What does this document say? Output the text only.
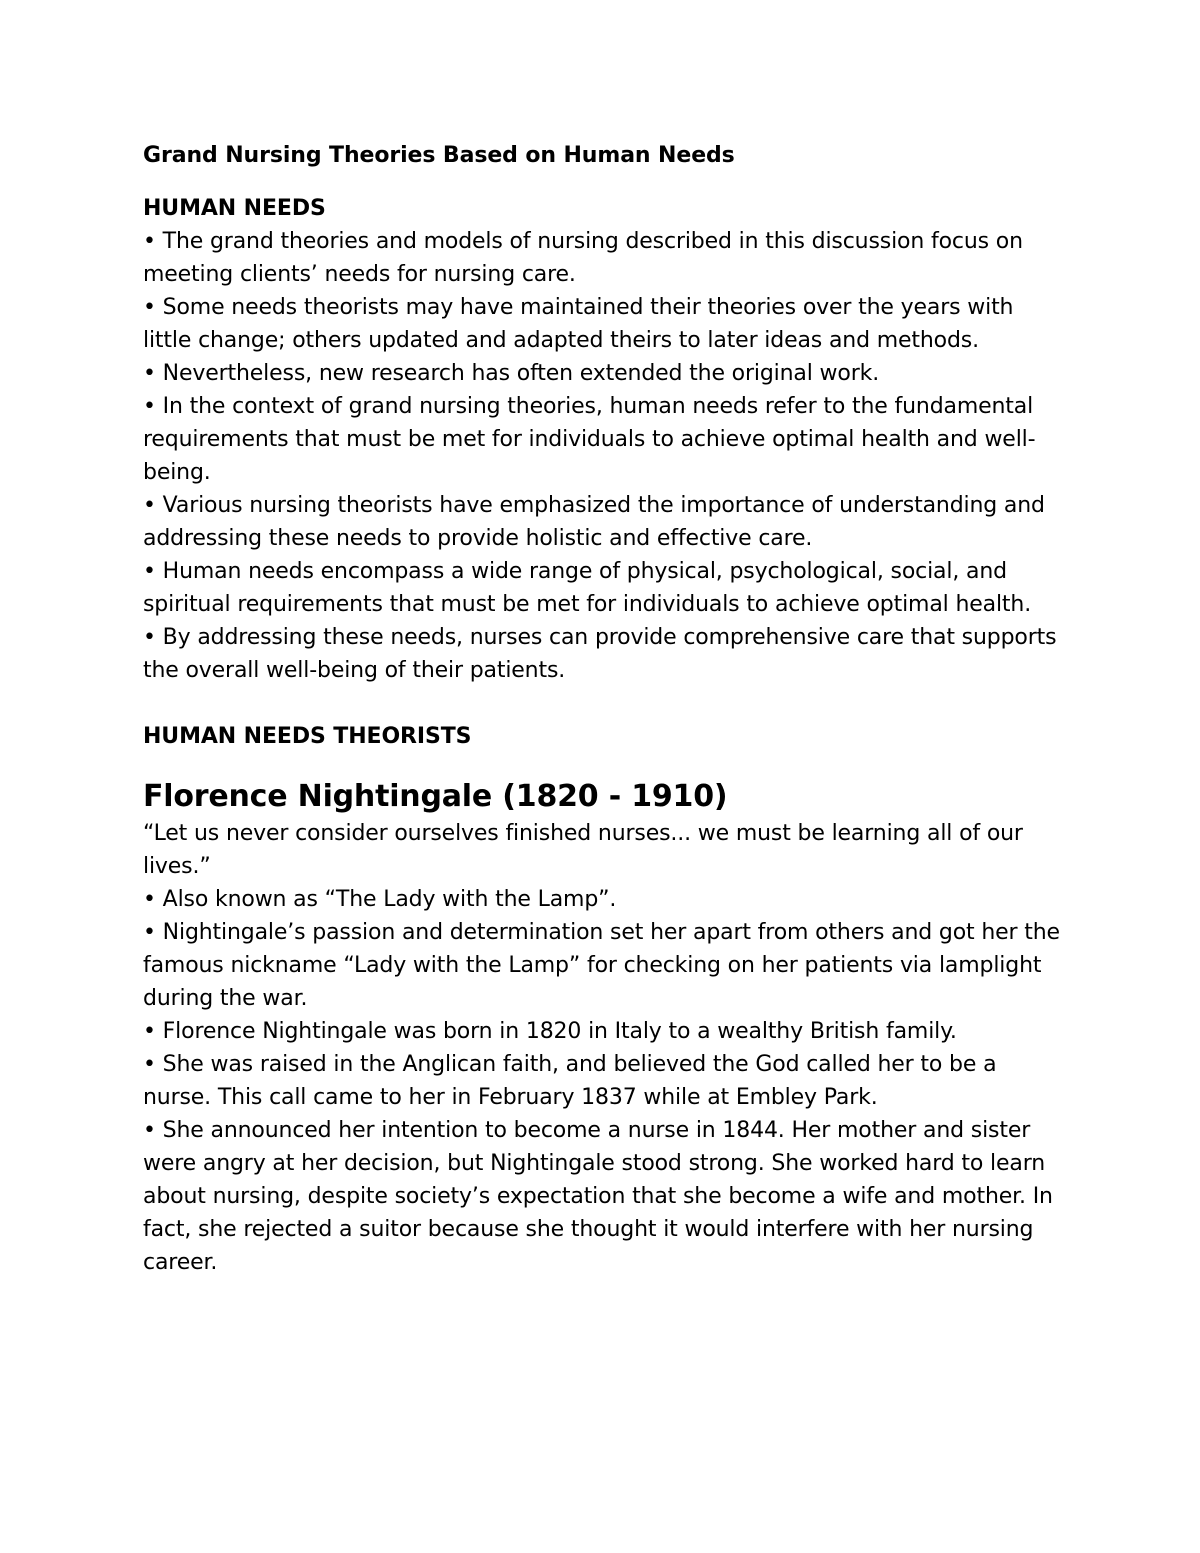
Grand Nursing Theories Based on Human Needs
HUMAN NEEDS

• The grand theories and models of nursing described in this discussion focus on meeting clients’ needs for nursing care.

• Some needs theorists may have maintained their theories over the years with little change; others updated and adapted theirs to later ideas and methods.

• Nevertheless, new research has often extended the original work.

• In the context of grand nursing theories, human needs refer to the fundamental requirements that must be met for individuals to achieve optimal health and well-being.

• Various nursing theorists have emphasized the importance of understanding and addressing these needs to provide holistic and effective care.

• Human needs encompass a wide range of physical, psychological, social, and spiritual requirements that must be met for individuals to achieve optimal health.

• By addressing these needs, nurses can provide comprehensive care that supports the overall well-being of their patients.

HUMAN NEEDS THEORISTS
Florence Nightingale (1820 - 1910)

“Let us never consider ourselves finished nurses... we must be learning all of our lives.”

• Also known as “The Lady with the Lamp”.

• Nightingale’s passion and determination set her apart from others and got her the famous nickname “Lady with the Lamp” for checking on her patients via lamplight during the war.

• Florence Nightingale was born in 1820 in Italy to a wealthy British family.

• She was raised in the Anglican faith, and believed the God called her to be a nurse. This call came to her in February 1837 while at Embley Park.

• She announced her intention to become a nurse in 1844. Her mother and sister were angry at her decision, but Nightingale stood strong. She worked hard to learn about nursing, despite society’s expectation that she become a wife and mother. In fact, she rejected a suitor because she thought it would interfere with her nursing career.
